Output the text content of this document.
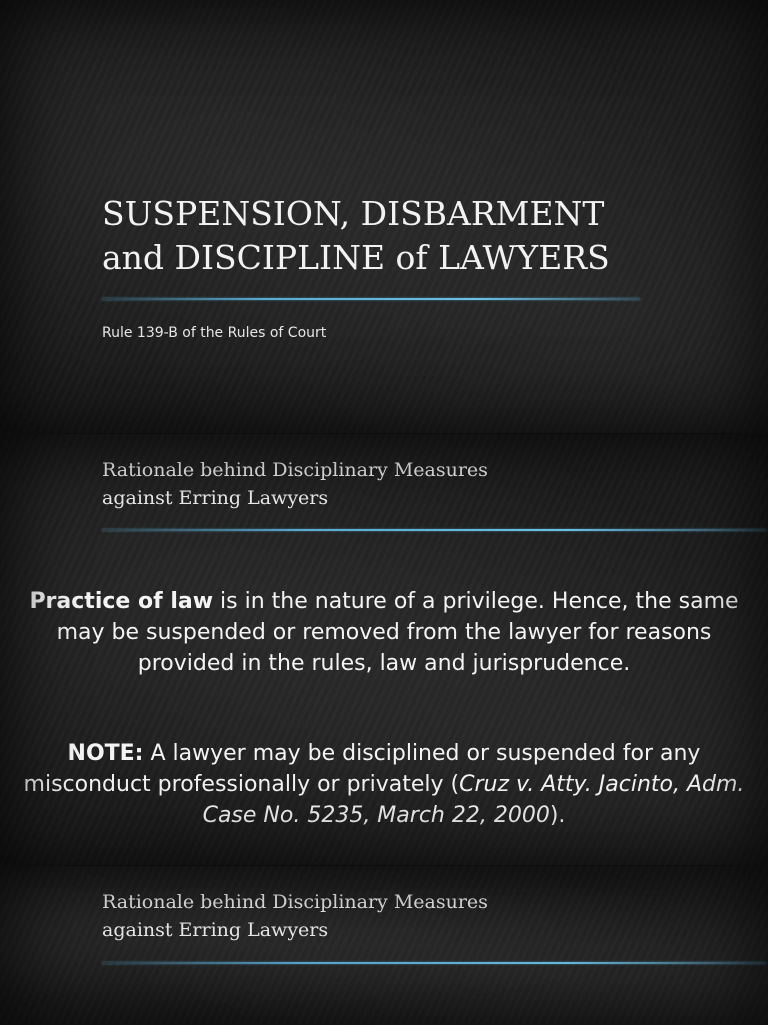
SUSPENSION, DISBARMENT
and DISCIPLINE of LAWYERS
Rule 139-B of the Rules of Court
Rationale behind Disciplinary Measures
against Erring Lawyers

Practice of law is in the nature of a privilege. Hence, the same may be suspended or removed from the lawyer for reasons provided in the rules, law and jurisprudence.

NOTE: A lawyer may be disciplined or suspended for any misconduct professionally or privately (Cruz v. Atty. Jacinto, Adm. Case No. 5235, March 22, 2000).

Rationale behind Disciplinary Measures
against Erring Lawyers
